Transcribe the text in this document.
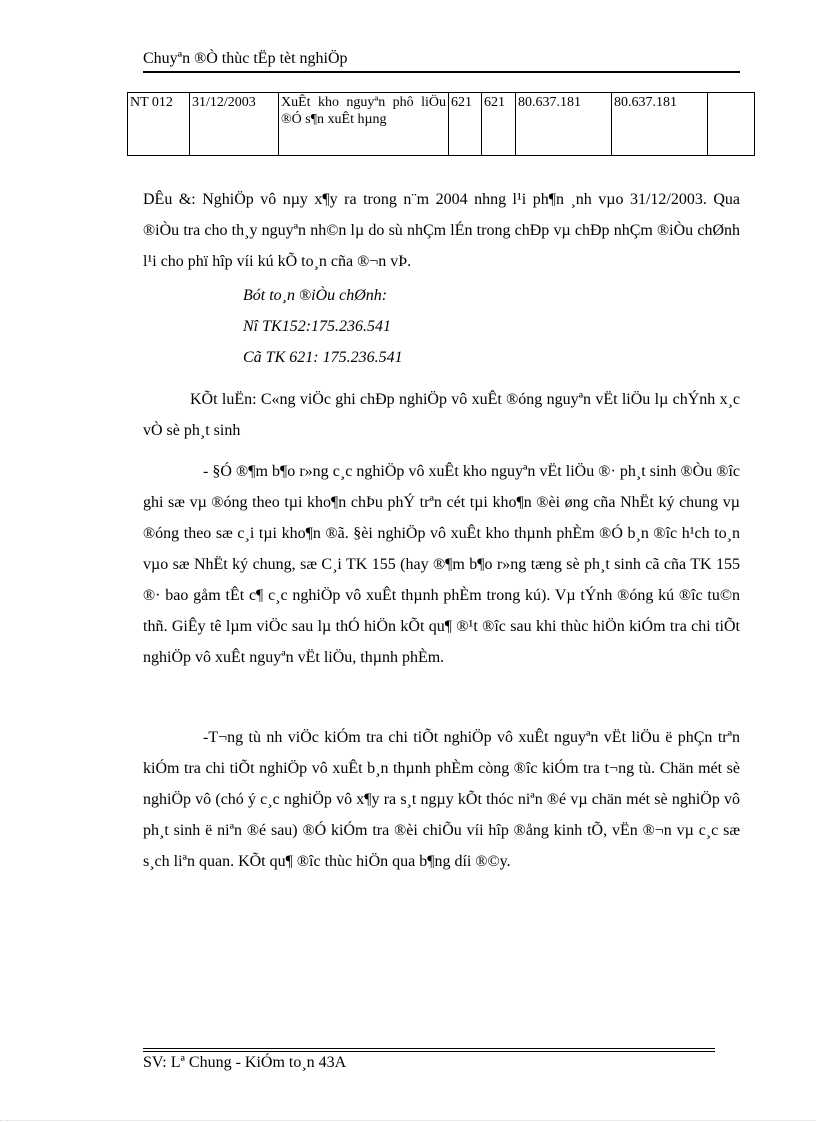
Chuyªn ®Ò thùc tËp tèt nghiÖp
NT 012	31/12/2003	XuÊt kho nguyªn phô liÖu ®Ó s¶n xuÊt hµng	621	621	80.637.181	80.637.181	

DÊu &: NghiÖp vô nµy x¶y ra trong n¨m 2004 nhng l¹i ph¶n ¸nh vµo 31/12/2003. Qua ®iÒu tra cho th¸y nguyªn nh©n lµ do sù nhÇm lÉn trong chÐp vµ chÐp nhÇm ®iÒu chØnh l¹i cho phï hîp víi kú kÕ to¸n cña ®¬n vÞ.

Bót to¸n ®iÒu chØnh:
Nî TK152:175.236.541
Cã TK 621: 175.236.541

KÕt luËn: C«ng viÖc ghi chÐp nghiÖp vô xuÊt ®óng nguyªn vËt liÖu lµ chÝnh x¸c vÒ sè ph¸t sinh

- §Ó ®¶m b¶o r»ng c¸c nghiÖp vô xuÊt kho nguyªn vËt liÖu ®· ph¸t sinh ®Òu ®îc ghi sæ vµ ®óng theo tµi kho¶n chÞu phÝ trªn cét tµi kho¶n ®èi øng cña NhËt ký chung vµ ®óng theo sæ c¸i tµi kho¶n ®ã. §èi nghiÖp vô xuÊt kho thµnh phÈm ®Ó b¸n ®îc h¹ch to¸n vµo sæ NhËt ký chung, sæ C¸i TK 155 (hay ®¶m b¶o r»ng tæng sè ph¸t sinh cã cña TK 155 ®· bao gåm tÊt c¶ c¸c nghiÖp vô xuÊt thµnh phÈm trong kú). Vµ tÝnh ®óng kú ®îc tu©n thñ. GiÊy tê lµm viÖc sau lµ thÓ hiÖn kÕt qu¶ ®¹t ®îc sau khi thùc hiÖn kiÓm tra chi tiÕt nghiÖp vô xuÊt nguyªn vËt liÖu, thµnh phÈm.

-T¬ng tù nh viÖc kiÓm tra chi tiÕt nghiÖp vô xuÊt nguyªn vËt liÖu ë phÇn trªn kiÓm tra chi tiÕt nghiÖp vô xuÊt b¸n thµnh phÈm còng ®îc kiÓm tra t¬ng tù. Chän mét sè nghiÖp vô (chó ý c¸c nghiÖp vô x¶y ra s¸t ngµy kÕt thóc niªn ®é vµ chän mét sè nghiÖp vô ph¸t sinh ë niªn ®é sau) ®Ó kiÓm tra ®èi chiÕu víi hîp ®ång kinh tÕ, vËn ®¬n vµ c¸c sæ s¸ch liªn quan. KÕt qu¶ ®îc thùc hiÖn qua b¶ng díi ®©y.

SV: Lª Chung - KiÓm to¸n 43A
